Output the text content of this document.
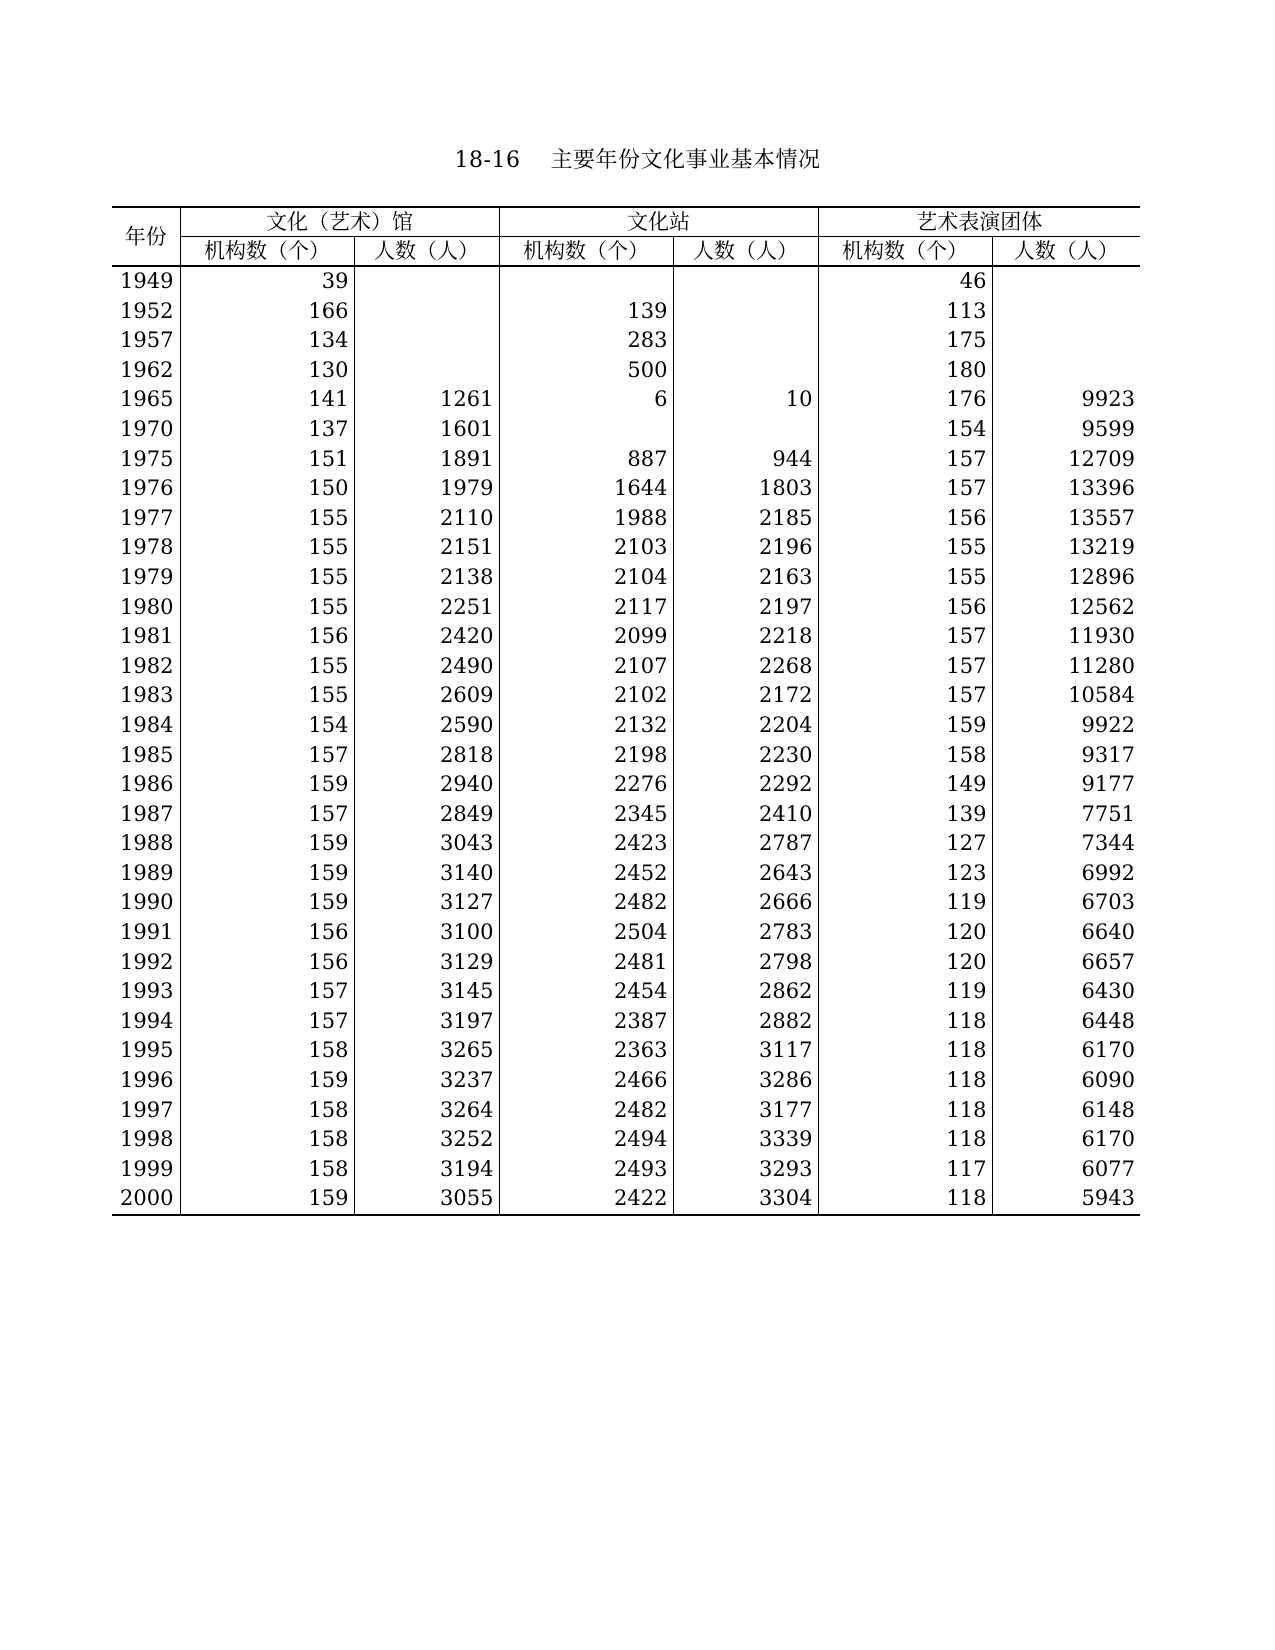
18-16    主要年份文化事业基本情况
年份	文化（艺术）馆		文化站		艺术表演团体	
	机构数（个）	人数（人）	机构数（个）	人数（人）	机构数（个）	人数（人）
1949	39				46	
1952	166		139		113	
1957	134		283		175	
1962	130		500		180	
1965	141	1261	6	10	176	9923
1970	137	1601			154	9599
1975	151	1891	887	944	157	12709
1976	150	1979	1644	1803	157	13396
1977	155	2110	1988	2185	156	13557
1978	155	2151	2103	2196	155	13219
1979	155	2138	2104	2163	155	12896
1980	155	2251	2117	2197	156	12562
1981	156	2420	2099	2218	157	11930
1982	155	2490	2107	2268	157	11280
1983	155	2609	2102	2172	157	10584
1984	154	2590	2132	2204	159	9922
1985	157	2818	2198	2230	158	9317
1986	159	2940	2276	2292	149	9177
1987	157	2849	2345	2410	139	7751
1988	159	3043	2423	2787	127	7344
1989	159	3140	2452	2643	123	6992
1990	159	3127	2482	2666	119	6703
1991	156	3100	2504	2783	120	6640
1992	156	3129	2481	2798	120	6657
1993	157	3145	2454	2862	119	6430
1994	157	3197	2387	2882	118	6448
1995	158	3265	2363	3117	118	6170
1996	159	3237	2466	3286	118	6090
1997	158	3264	2482	3177	118	6148
1998	158	3252	2494	3339	118	6170
1999	158	3194	2493	3293	117	6077
2000	159	3055	2422	3304	118	5943
